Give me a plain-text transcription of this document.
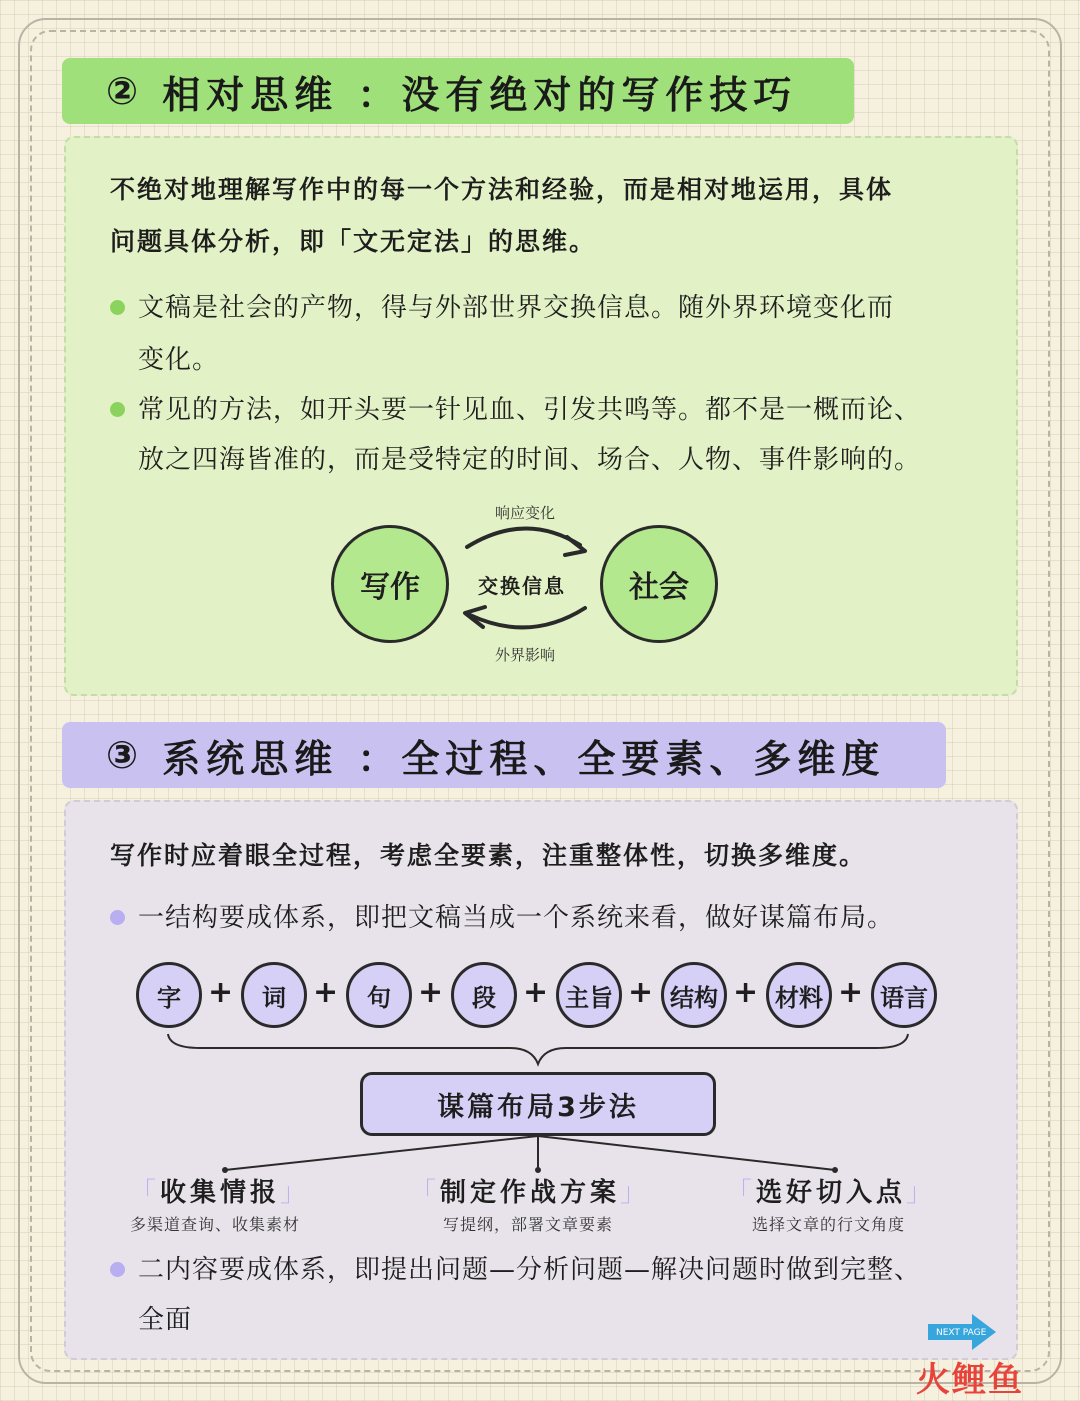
② 相对思维 ：没有绝对的写作技巧
不绝对地理解写作中的每一个方法和经验，而是相对地运用，具体
问题具体分析，即「文无定法」的思维。
文稿是社会的产物，得与外部世界交换信息。随外界环境变化而
变化。
常见的方法，如开头要一针见血、引发共鸣等。都不是一概而论、
放之四海皆准的，而是受特定的时间、场合、人物、事件影响的。
写作	社会
交换信息
响应变化
外界影响
③ 系统思维 ：全过程、全要素、多维度
写作时应着眼全过程，考虑全要素，注重整体性，切换多维度。
一结构要成体系，即把文稿当成一个系统来看，做好谋篇布局。
字 +	词 +	句 +	段 + 主旨 + 结构 + 材料 + 语言
谋篇布局3步法
「收集情报」
多渠道查询、收集素材
「制定作战方案」
写提纲，部署文章要素
「选好切入点」
选择文章的行文角度
二内容要成体系，即提出问题—分析问题—解决问题时做到完整、
全面	NEXT PAGE
火鲤鱼
